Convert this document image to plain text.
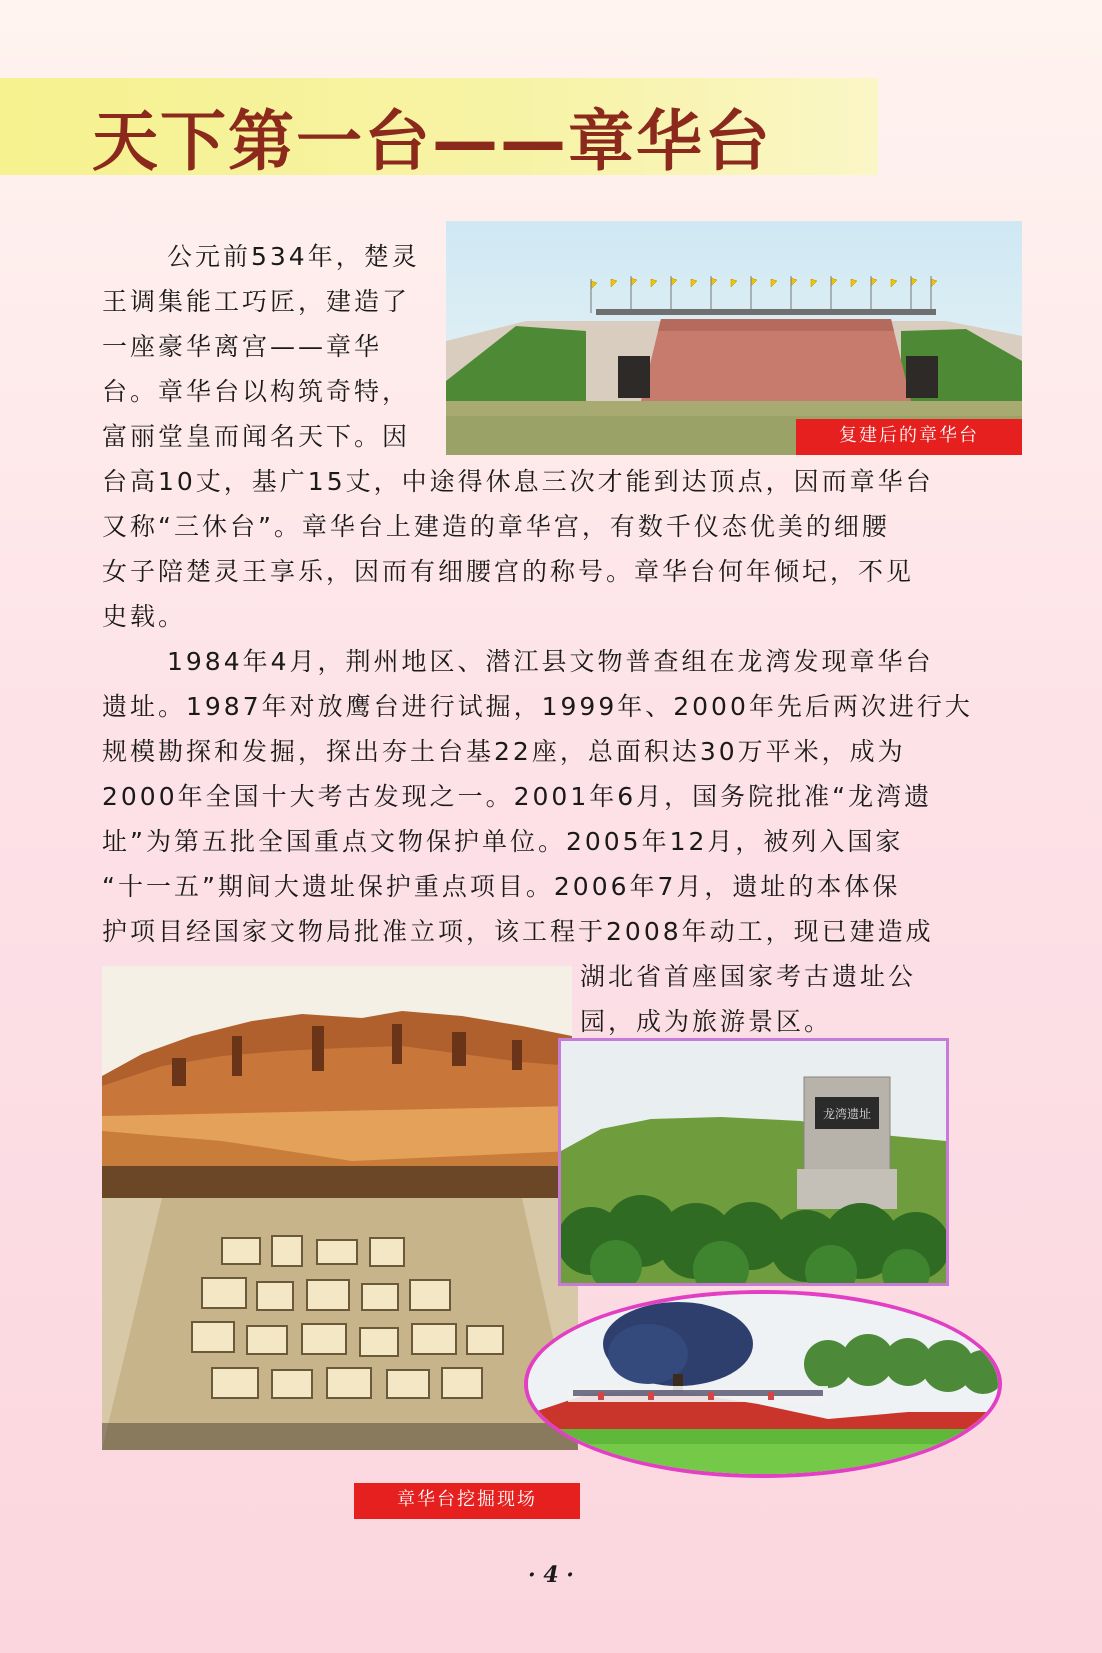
天下第一台——章华台
公元前534年，楚灵
王调集能工巧匠，建造了
一座豪华离宫——章华
台。章华台以构筑奇特，
富丽堂皇而闻名天下。因
台高10丈，基广15丈，中途得休息三次才能到达顶点，因而章华台
又称“三休台”。章华台上建造的章华宫，有数千仪态优美的细腰
女子陪楚灵王享乐，因而有细腰宫的称号。章华台何年倾圮，不见
史载。
1984年4月，荆州地区、潜江县文物普查组在龙湾发现章华台
遗址。1987年对放鹰台进行试掘，1999年、2000年先后两次进行大
规模勘探和发掘，探出夯土台基22座，总面积达30万平米，成为
2000年全国十大考古发现之一。2001年6月，国务院批准“龙湾遗
址”为第五批全国重点文物保护单位。2005年12月，被列入国家
“十一五”期间大遗址保护重点项目。2006年7月，遗址的本体保
护项目经国家文物局批准立项，该工程于2008年动工，现已建造成
湖北省首座国家考古遗址公
园，成为旅游景区。
复建后的章华台
龙湾遗址
章华台挖掘现场
· 4 ·
